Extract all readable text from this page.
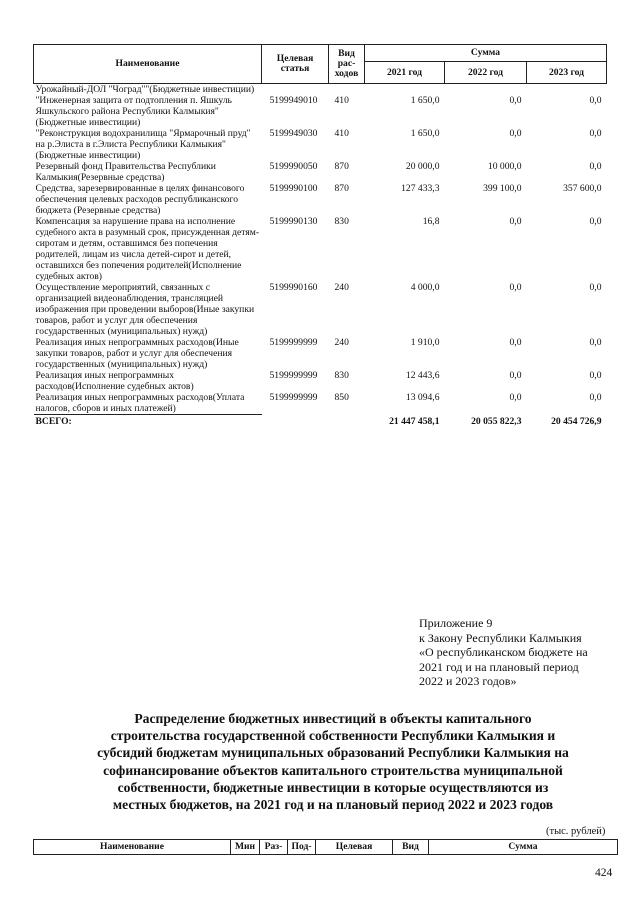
Наименование	Целевая статья	Вид рас-ходов	Сумма		
			2021 год	2022 год	2023 год
Урожайный-ДОЛ "Чоград""(Бюджетные инвестиции)					
"Инженерная защита от подтопления п. Яшкуль Яшкульского района Республики Калмыкия"(Бюджетные инвестиции)	5199949010	410	1 650,0	0,0	0,0
"Реконструкция водохранилища "Ярмарочный пруд" на р.Элиста в г.Элиста Республики Калмыкия"(Бюджетные инвестиции)	5199949030	410	1 650,0	0,0	0,0
Резервный фонд Правительства Республики Калмыкия(Резервные средства)	5199990050	870	20 000,0	10 000,0	0,0
Средства, зарезервированные в целях финансового обеспечения целевых расходов республиканского бюджета (Резервные средства)	5199990100	870	127 433,3	399 100,0	357 600,0
Компенсация за нарушение права на исполнение судебного акта в разумный срок, присужденная детям-сиротам и детям, оставшимся без попечения родителей, лицам из числа детей-сирот и детей, оставшихся без попечения родителей(Исполнение судебных актов)	5199990130	830	16,8	0,0	0,0
Осуществление мероприятий, связанных с организацией видеонаблюдения, трансляцией изображения при проведении выборов(Иные закупки товаров, работ и услуг для обеспечения государственных (муниципальных) нужд)	5199990160	240	4 000,0	0,0	0,0
Реализация иных непрограммных расходов(Иные закупки товаров, работ и услуг для обеспечения государственных (муниципальных) нужд)	5199999999	240	1 910,0	0,0	0,0
Реализация иных непрограммных расходов(Исполнение судебных актов)	5199999999	830	12 443,6	0,0	0,0
Реализация иных непрограммных расходов(Уплата налогов, сборов и иных платежей)	5199999999	850	13 094,6	0,0	0,0
ВСЕГО:			21 447 458,1	20 055 822,3	20 454 726,9
Приложение 9
к Закону Республики Калмыкия
«О республиканском бюджете на
2021 год и на плановый период
2022 и 2023 годов»
Распределение бюджетных инвестиций в объекты капитального
строительства государственной собственности Республики Калмыкия и
субсидий бюджетам муниципальных образований Республики Калмыкия на
софинансирование объектов капитального строительства муниципальной
собственности, бюджетные инвестиции в которые осуществляются из
местных бюджетов, на 2021 год и на плановый период 2022 и 2023 годов
(тыс. рублей)
Наименование	Мин	Раз-	Под-	Целевая	Вид	Сумма
424
